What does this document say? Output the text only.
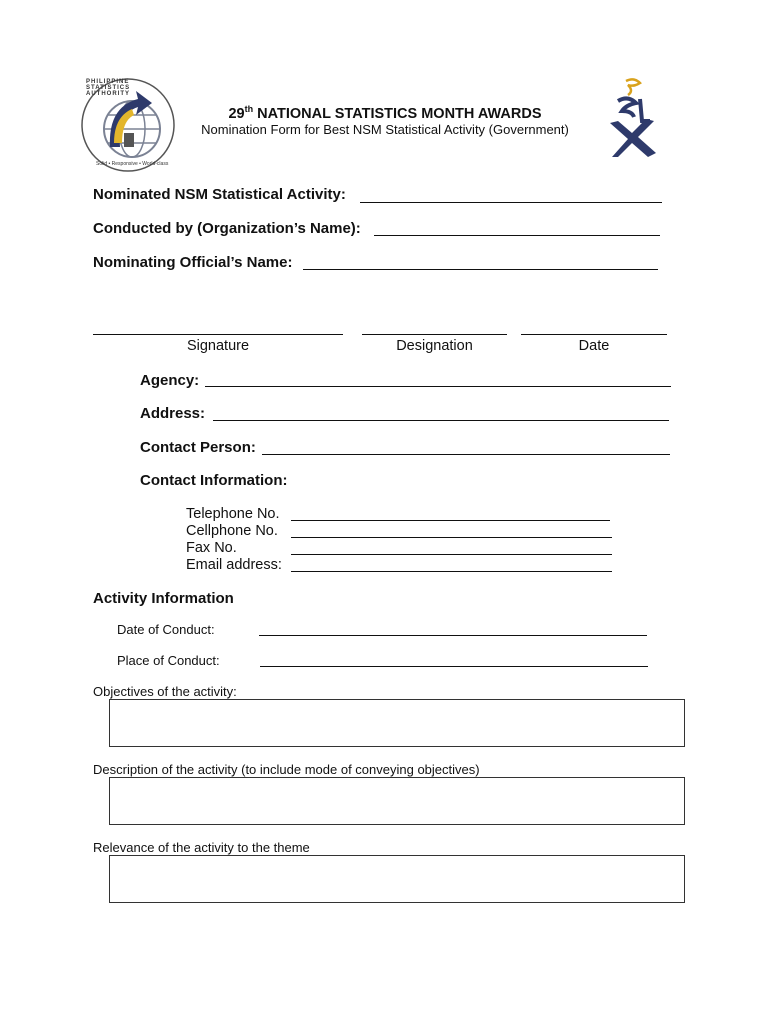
PHILIPPINE STATISTICS AUTHORITY
Solid • Responsive • World-class
29th NATIONAL STATISTICS MONTH AWARDS
Nomination Form for Best NSM Statistical Activity (Government)
Nominated NSM Statistical Activity:
Conducted by (Organization’s Name):
Nominating Official’s Name:
Signature	Designation	Date
Agency:
Address:
Contact Person:
Contact Information:
Telephone No.
Cellphone No.
Fax No.
Email address:
Activity Information
Date of Conduct:
Place of Conduct:
Objectives of the activity:
Description of the activity (to include mode of conveying objectives)
Relevance of the activity to the theme
